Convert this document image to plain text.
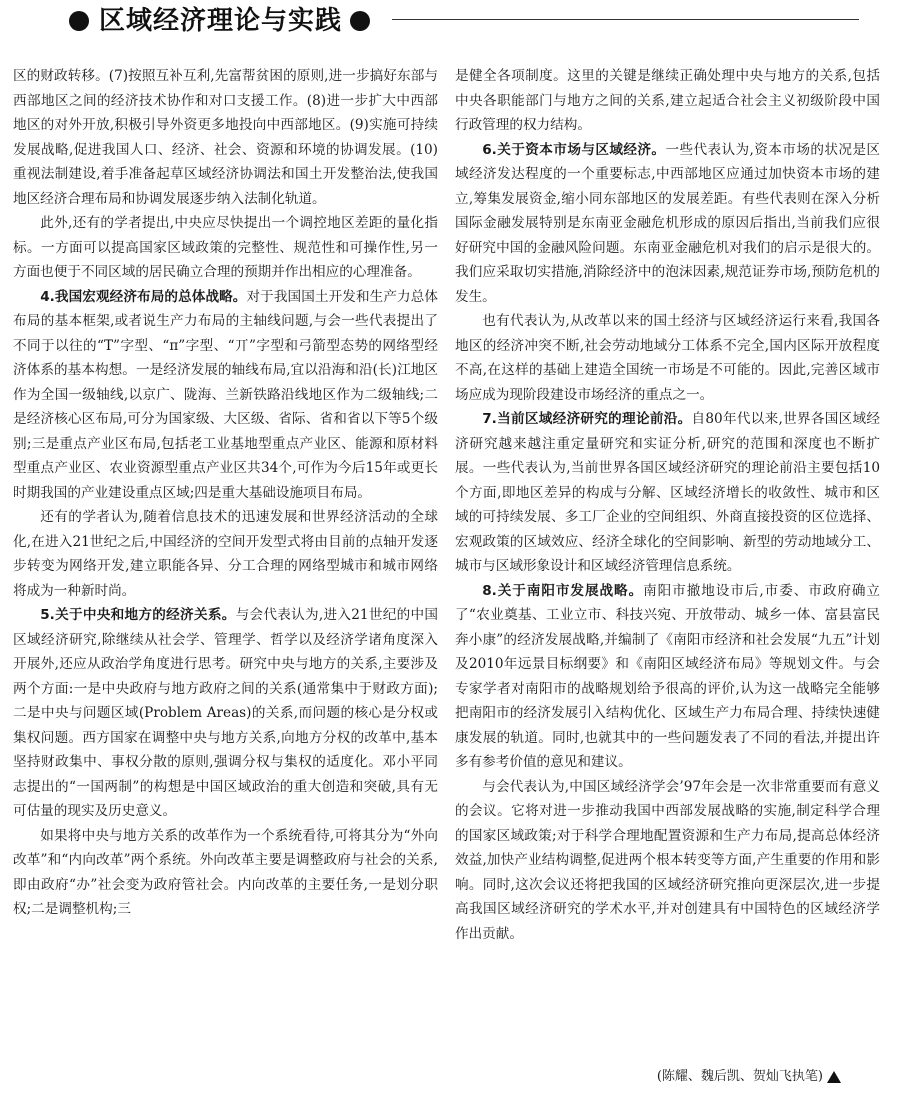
区域经济理论与实践

区的财政转移。(7)按照互补互利,先富帮贫困的原则,进一步搞好东部与西部地区之间的经济技术协作和对口支援工作。(8)进一步扩大中西部地区的对外开放,积极引导外资更多地投向中西部地区。(9)实施可持续发展战略,促进我国人口、经济、社会、资源和环境的协调发展。(10)重视法制建设,着手准备起草区域经济协调法和国土开发整治法,使我国地区经济合理布局和协调发展逐步纳入法制化轨道。

此外,还有的学者提出,中央应尽快提出一个调控地区差距的量化指标。一方面可以提高国家区域政策的完整性、规范性和可操作性,另一方面也便于不同区域的居民确立合理的预期并作出相应的心理准备。

4.我国宏观经济布局的总体战略。对于我国国土开发和生产力总体布局的基本框架,或者说生产力布局的主轴线问题,与会一些代表提出了不同于以往的“T”字型、“π”字型、“丌”字型和弓箭型态势的网络型经济体系的基本构想。一是经济发展的轴线布局,宜以沿海和沿(长)江地区作为全国一级轴线,以京广、陇海、兰新铁路沿线地区作为二级轴线;二是经济核心区布局,可分为国家级、大区级、省际、省和省以下等5个级别;三是重点产业区布局,包括老工业基地型重点产业区、能源和原材料型重点产业区、农业资源型重点产业区共34个,可作为今后15年或更长时期我国的产业建设重点区域;四是重大基础设施项目布局。

还有的学者认为,随着信息技术的迅速发展和世界经济活动的全球化,在进入21世纪之后,中国经济的空间开发型式将由目前的点轴开发逐步转变为网络开发,建立职能各异、分工合理的网络型城市和城市网络将成为一种新时尚。

5.关于中央和地方的经济关系。与会代表认为,进入21世纪的中国区域经济研究,除继续从社会学、管理学、哲学以及经济学诸角度深入开展外,还应从政治学角度进行思考。研究中央与地方的关系,主要涉及两个方面:一是中央政府与地方政府之间的关系(通常集中于财政方面);二是中央与问题区域(Problem Areas)的关系,而问题的核心是分权或集权问题。西方国家在调整中央与地方关系,向地方分权的改革中,基本坚持财政集中、事权分散的原则,强调分权与集权的适度化。邓小平同志提出的“一国两制”的构想是中国区域政治的重大创造和突破,具有无可估量的现实及历史意义。

如果将中央与地方关系的改革作为一个系统看待,可将其分为“外向改革”和“内向改革”两个系统。外向改革主要是调整政府与社会的关系,即由政府“办”社会变为政府管社会。内向改革的主要任务,一是划分职权;二是调整机构;三

是健全各项制度。这里的关键是继续正确处理中央与地方的关系,包括中央各职能部门与地方之间的关系,建立起适合社会主义初级阶段中国行政管理的权力结构。

6.关于资本市场与区域经济。一些代表认为,资本市场的状况是区域经济发达程度的一个重要标志,中西部地区应通过加快资本市场的建立,筹集发展资金,缩小同东部地区的发展差距。有些代表则在深入分析国际金融发展特别是东南亚金融危机形成的原因后指出,当前我们应很好研究中国的金融风险问题。东南亚金融危机对我们的启示是很大的。我们应采取切实措施,消除经济中的泡沫因素,规范证券市场,预防危机的发生。

也有代表认为,从改革以来的国土经济与区域经济运行来看,我国各地区的经济冲突不断,社会劳动地域分工体系不完全,国内区际开放程度不高,在这样的基础上建造全国统一市场是不可能的。因此,完善区域市场应成为现阶段建设市场经济的重点之一。

7.当前区域经济研究的理论前沿。自80年代以来,世界各国区域经济研究越来越注重定量研究和实证分析,研究的范围和深度也不断扩展。一些代表认为,当前世界各国区域经济研究的理论前沿主要包括10个方面,即地区差异的构成与分解、区域经济增长的收敛性、城市和区域的可持续发展、多工厂企业的空间组织、外商直接投资的区位选择、宏观政策的区域效应、经济全球化的空间影响、新型的劳动地域分工、城市与区域形象设计和区域经济管理信息系统。

8.关于南阳市发展战略。南阳市撤地设市后,市委、市政府确立了“农业奠基、工业立市、科技兴宛、开放带动、城乡一体、富县富民奔小康”的经济发展战略,并编制了《南阳市经济和社会发展“九五”计划及2010年远景目标纲要》和《南阳区域经济布局》等规划文件。与会专家学者对南阳市的战略规划给予很高的评价,认为这一战略完全能够把南阳市的经济发展引入结构优化、区域生产力布局合理、持续快速健康发展的轨道。同时,也就其中的一些问题发表了不同的看法,并提出许多有参考价值的意见和建议。

与会代表认为,中国区域经济学会’97年会是一次非常重要而有意义的会议。它将对进一步推动我国中西部发展战略的实施,制定科学合理的国家区域政策;对于科学合理地配置资源和生产力布局,提高总体经济效益,加快产业结构调整,促进两个根本转变等方面,产生重要的作用和影响。同时,这次会议还将把我国的区域经济研究推向更深层次,进一步提高我国区域经济研究的学术水平,并对创建具有中国特色的区域经济学作出贡献。

(陈耀、魏后凯、贺灿飞执笔)
